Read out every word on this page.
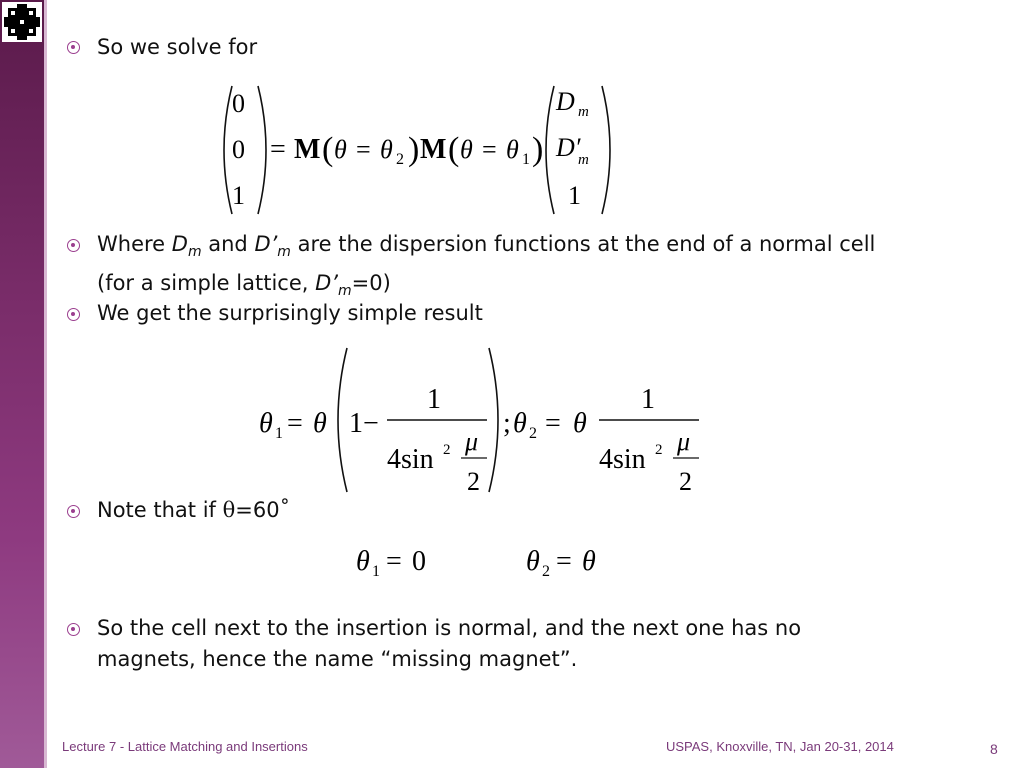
So we solve for
0
0
1
= M ( θ = θ 2 ) M ( θ = θ 1 )
D m
D′
m
1
Where $D_m$ and $D’_m$ are the dispersion functions at the end of a normal cell
(for a simple lattice, $D’_m=0$)
We get the surprisingly simple result
θ 1 = θ 1 −
1
4sin 2 μ
2
; θ 2 = θ
1
4sin 2 μ
2
Note that if θ=60˚
θ 1 = 0	θ 2 = θ
So the cell next to the insertion is normal, and the next one has no
magnets, hence the name “missing magnet”.
Lecture 7 - Lattice Matching and Insertions	USPAS, Knoxville, TN, Jan 20-31, 2014	8
